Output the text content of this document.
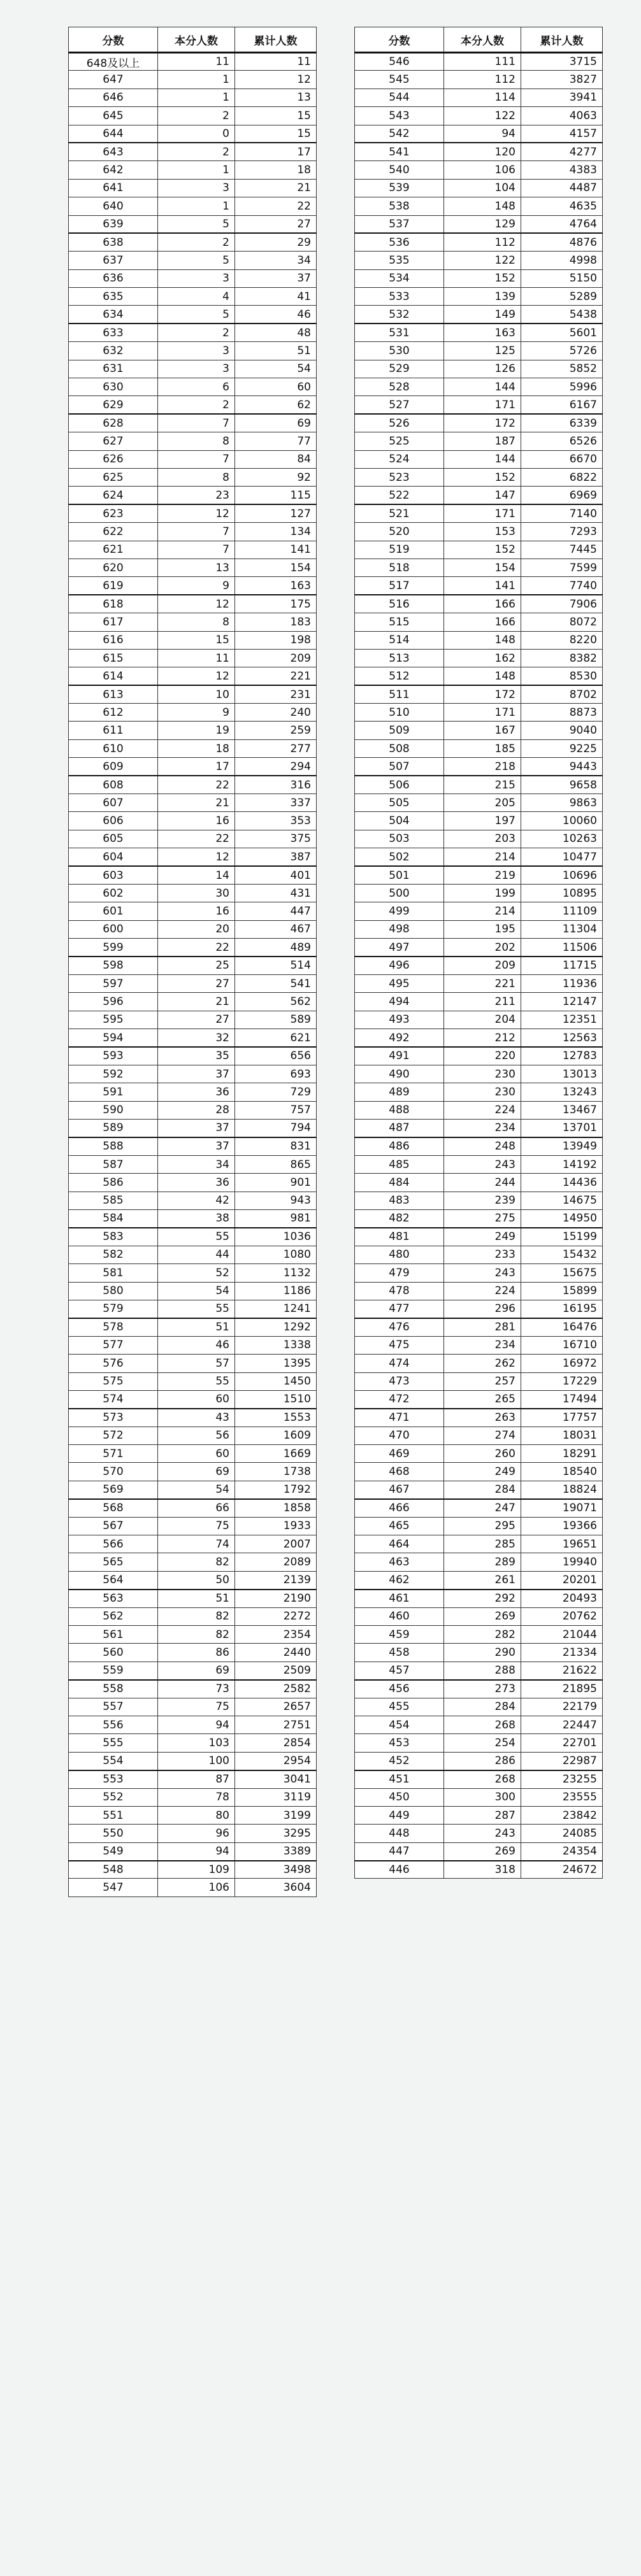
分数	本分人数	累计人数
648及以上	11	11
647	1	12
646	1	13
645	2	15
644	0	15
643	2	17
642	1	18
641	3	21
640	1	22
639	5	27
638	2	29
637	5	34
636	3	37
635	4	41
634	5	46
633	2	48
632	3	51
631	3	54
630	6	60
629	2	62
628	7	69
627	8	77
626	7	84
625	8	92
624	23	115
623	12	127
622	7	134
621	7	141
620	13	154
619	9	163
618	12	175
617	8	183
616	15	198
615	11	209
614	12	221
613	10	231
612	9	240
611	19	259
610	18	277
609	17	294
608	22	316
607	21	337
606	16	353
605	22	375
604	12	387
603	14	401
602	30	431
601	16	447
600	20	467
599	22	489
598	25	514
597	27	541
596	21	562
595	27	589
594	32	621
593	35	656
592	37	693
591	36	729
590	28	757
589	37	794
588	37	831
587	34	865
586	36	901
585	42	943
584	38	981
583	55	1036
582	44	1080
581	52	1132
580	54	1186
579	55	1241
578	51	1292
577	46	1338
576	57	1395
575	55	1450
574	60	1510
573	43	1553
572	56	1609
571	60	1669
570	69	1738
569	54	1792
568	66	1858
567	75	1933
566	74	2007
565	82	2089
564	50	2139
563	51	2190
562	82	2272
561	82	2354
560	86	2440
559	69	2509
558	73	2582
557	75	2657
556	94	2751
555	103	2854
554	100	2954
553	87	3041
552	78	3119
551	80	3199
550	96	3295
549	94	3389
548	109	3498
547	106	3604
分数	本分人数	累计人数
546	111	3715
545	112	3827
544	114	3941
543	122	4063
542	94	4157
541	120	4277
540	106	4383
539	104	4487
538	148	4635
537	129	4764
536	112	4876
535	122	4998
534	152	5150
533	139	5289
532	149	5438
531	163	5601
530	125	5726
529	126	5852
528	144	5996
527	171	6167
526	172	6339
525	187	6526
524	144	6670
523	152	6822
522	147	6969
521	171	7140
520	153	7293
519	152	7445
518	154	7599
517	141	7740
516	166	7906
515	166	8072
514	148	8220
513	162	8382
512	148	8530
511	172	8702
510	171	8873
509	167	9040
508	185	9225
507	218	9443
506	215	9658
505	205	9863
504	197	10060
503	203	10263
502	214	10477
501	219	10696
500	199	10895
499	214	11109
498	195	11304
497	202	11506
496	209	11715
495	221	11936
494	211	12147
493	204	12351
492	212	12563
491	220	12783
490	230	13013
489	230	13243
488	224	13467
487	234	13701
486	248	13949
485	243	14192
484	244	14436
483	239	14675
482	275	14950
481	249	15199
480	233	15432
479	243	15675
478	224	15899
477	296	16195
476	281	16476
475	234	16710
474	262	16972
473	257	17229
472	265	17494
471	263	17757
470	274	18031
469	260	18291
468	249	18540
467	284	18824
466	247	19071
465	295	19366
464	285	19651
463	289	19940
462	261	20201
461	292	20493
460	269	20762
459	282	21044
458	290	21334
457	288	21622
456	273	21895
455	284	22179
454	268	22447
453	254	22701
452	286	22987
451	268	23255
450	300	23555
449	287	23842
448	243	24085
447	269	24354
446	318	24672
